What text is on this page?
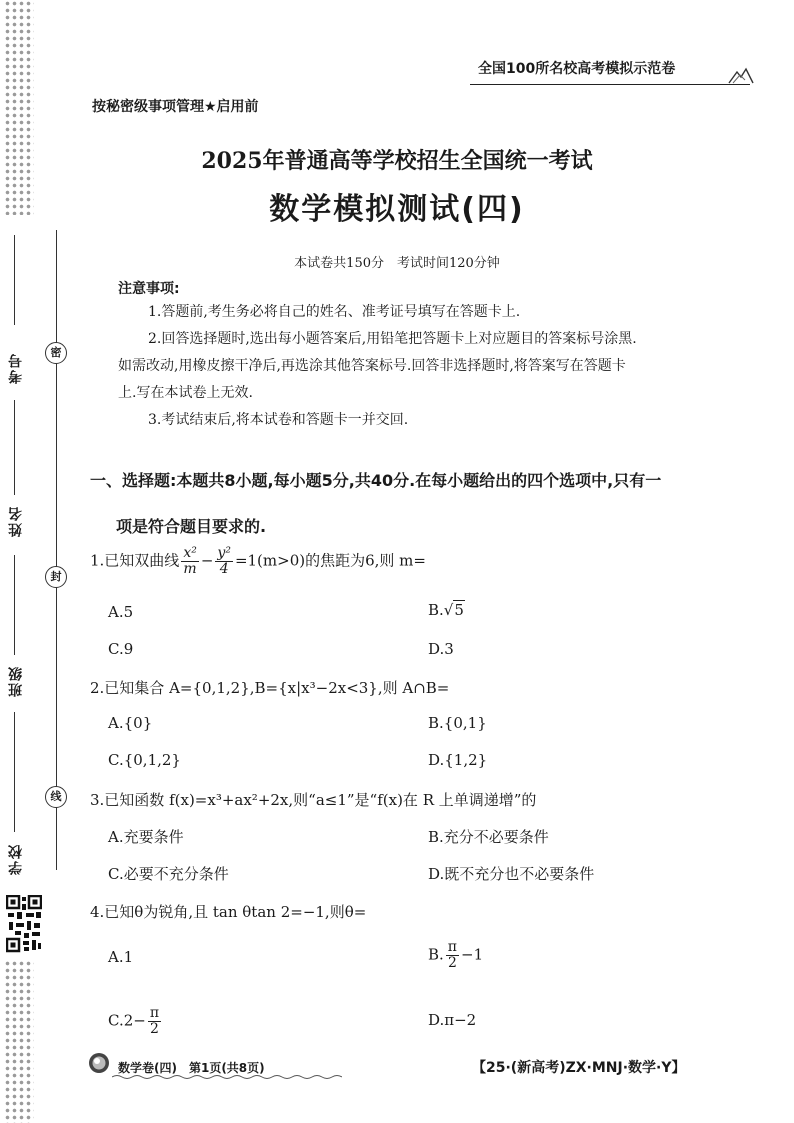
考号
姓名
班级
学校
密
封
线
全国100所名校高考模拟示范卷
按秘密级事项管理★启用前
2025年普通高等学校招生全国统一考试
数学模拟测试(四)
本试卷共150分　考试时间120分钟
注意事项:

1.答题前,考生务必将自己的姓名、准考证号填写在答题卡上.

2.回答选择题时,选出每小题答案后,用铅笔把答题卡上对应题目的答案标号涂黑.

如需改动,用橡皮擦干净后,再选涂其他答案标号.回答非选择题时,将答案写在答题卡

上.写在本试卷上无效.

3.考试结束后,将本试卷和答题卡一并交回.

一、选择题:本题共8小题,每小题5分,共40分.在每小题给出的四个选项中,只有一
项是符合题目要求的.
1.已知双曲线 $\frac{\text{x²}}{m} - \frac{\text{y²}}{4} =1(m>0)$的焦距为6,则 m=
A.5	B.√5
C.9	D.3
2.已知集合 A={0,1,2},B={x|x³−2x<3},则 A∩B=
A.{0}	B.{0,1}
C.{0,1,2}	D.{1,2}
3.已知函数 f(x)=x³+ax²+2x,则“a≤1”是“f(x)在 R 上单调递增”的
A.充要条件	B.充分不必要条件
C.必要不充分条件	D.既不充分也不必要条件
4.已知θ为锐角,且 tan θtan 2=−1,则θ=
A.1	B. $\frac{\pi}{2} -1$
$C.2- \frac{\pi}{2}$	D.π−2
数学卷(四)　第1页(共8页)	【25·(新高考)ZX·MNJ·数学·Y】
